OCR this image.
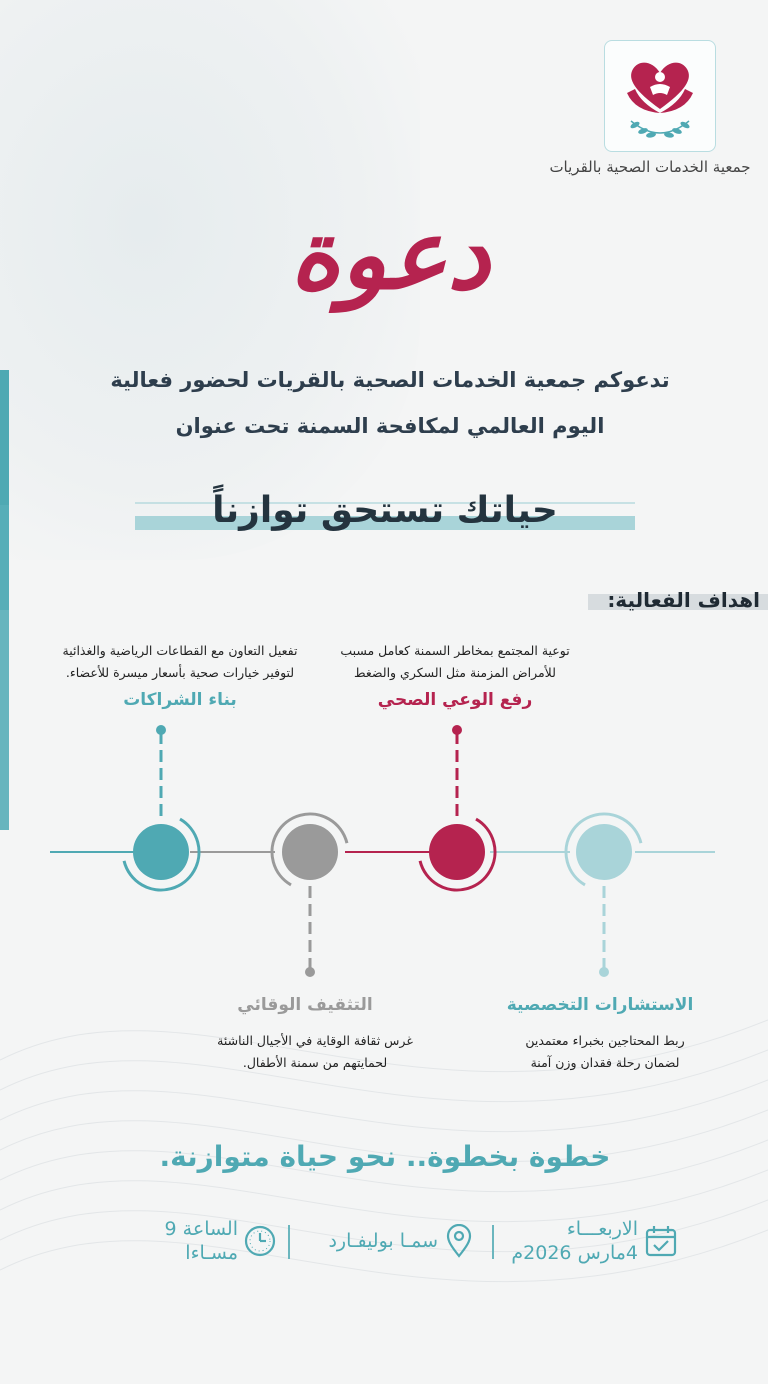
جمعية الخدمات الصحية بالقريات
دعوة
تدعوكم جمعية الخدمات الصحية بالقريات لحضور فعالية
اليوم العالمي لمكافحة السمنة تحت عنوان
حياتك تستحق توازناً
اهداف الفعالية:
توعية المجتمع بمخاطر السمنة كعامل مسبب
للأمراض المزمنة مثل السكري والضغط
رفع الوعي الصحي
تفعيل التعاون مع القطاعات الرياضية والغذائية
لتوفير خيارات صحية بأسعار ميسرة للأعضاء.
بناء الشراكات
الاستشارات التخصصية
ربط المحتاجين بخبراء معتمدين
لضمان رحلة فقدان وزن آمنة
التثقيف الوقائي
غرس ثقافة الوقاية في الأجيال الناشئة
لحمايتهم من سمنة الأطفال.
خطوة بخطوة.. نحو حياة متوازنة.
الاربعـــاء
4مارس 2026م
سمـا بوليفـارد
الساعة 9
مسـاءا
